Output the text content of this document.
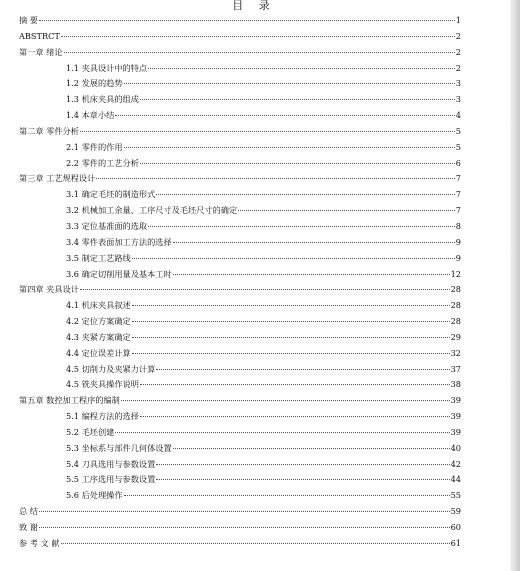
目 录
摘 要	1
ABSTRCT	2
第一章 绪论	2
1.1 夹具设计中的特点	2
1.2 发展的趋势	3
1.3 机床夹具的组成	3
1.4 本章小结	4
第二章 零件分析	5
2.1 零件的作用	5
2.2 零件的工艺分析	6
第三章 工艺规程设计	7
3.1 确定毛坯的制造形式	7
3.2 机械加工余量、工序尺寸及毛坯尺寸的确定	7
3.3 定位基准面的选取	8
3.4 零件表面加工方法的选择	9
3.5 制定工艺路线	9
3.6 确定切削用量及基本工时	12
第四章 夹具设计	28
4.1 机床夹具叙述	28
4.2 定位方案确定	28
4.3 夹紧方案确定	29
4.4 定位误差计算	32
4.5 切削力及夹紧力计算	37
4.5 铣夹具操作说明	38
第五章 数控加工程序的编制	39
5.1 编程方法的选择	39
5.2 毛坯创建	39
5.3 坐标系与部件几何体设置	40
5.4 刀具选用与参数设置	42
5.5 工序选用与参数设置	44
5.6 后处理操作	55
总 结	59
致 谢	60
参 考 文 献	61
